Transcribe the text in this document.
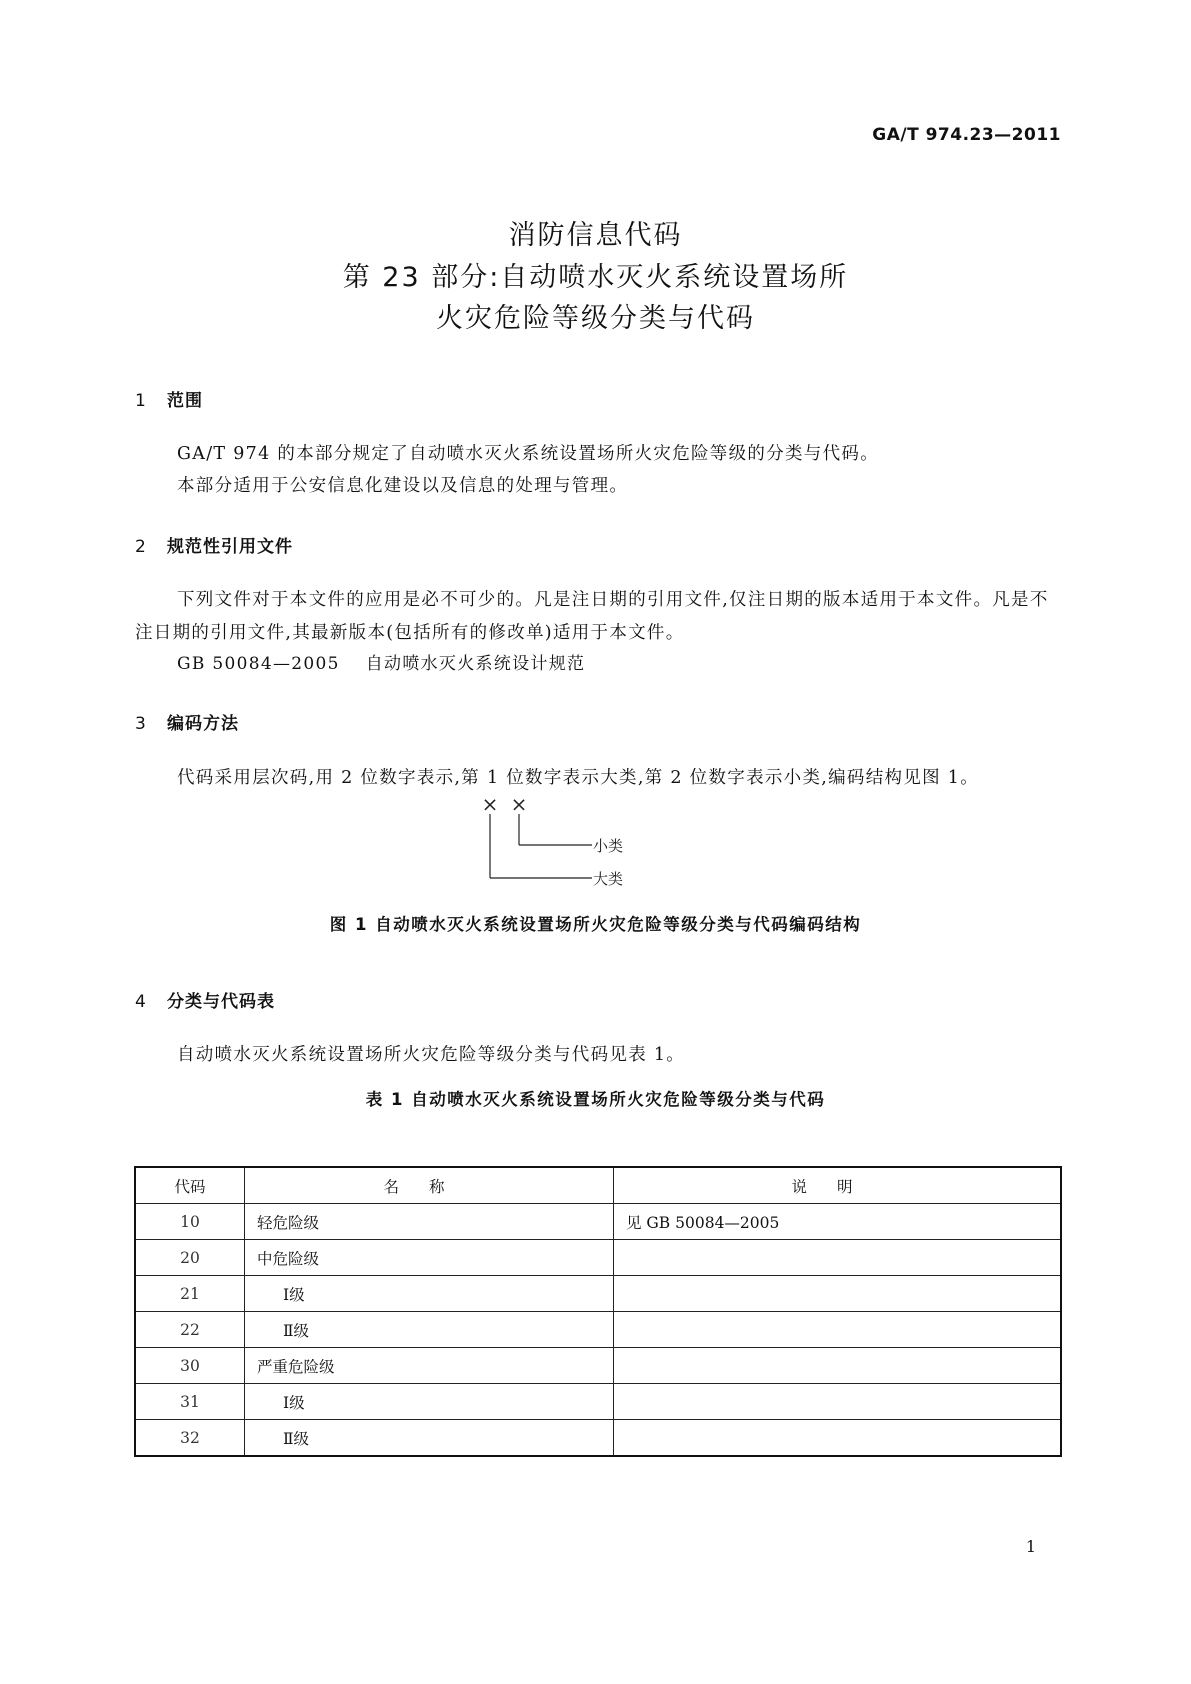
GA/T 974.23—2011
消防信息代码
第 23 部分:自动喷水灭火系统设置场所
火灾危险等级分类与代码
1 范围
GA/T 974 的本部分规定了自动喷水灭火系统设置场所火灾危险等级的分类与代码。
本部分适用于公安信息化建设以及信息的处理与管理。
2 规范性引用文件
下列文件对于本文件的应用是必不可少的。凡是注日期的引用文件,仅注日期的版本适用于本文件。凡是不注日期的引用文件,其最新版本(包括所有的修改单)适用于本文件。
GB 50084—2005 自动喷水灭火系统设计规范
3 编码方法
代码采用层次码,用 2 位数字表示,第 1 位数字表示大类,第 2 位数字表示小类,编码结构见图 1。
× ×
小类
大类
图 1 自动喷水灭火系统设置场所火灾危险等级分类与代码编码结构
4 分类与代码表
自动喷水灭火系统设置场所火灾危险等级分类与代码见表 1。
表 1 自动喷水灭火系统设置场所火灾危险等级分类与代码
代码	名称	说明
10	轻危险级	见 GB 50084—2005
20	中危险级	
21	Ⅰ级	
22	Ⅱ级	
30	严重危险级	
31	Ⅰ级	
32	Ⅱ级	
1
